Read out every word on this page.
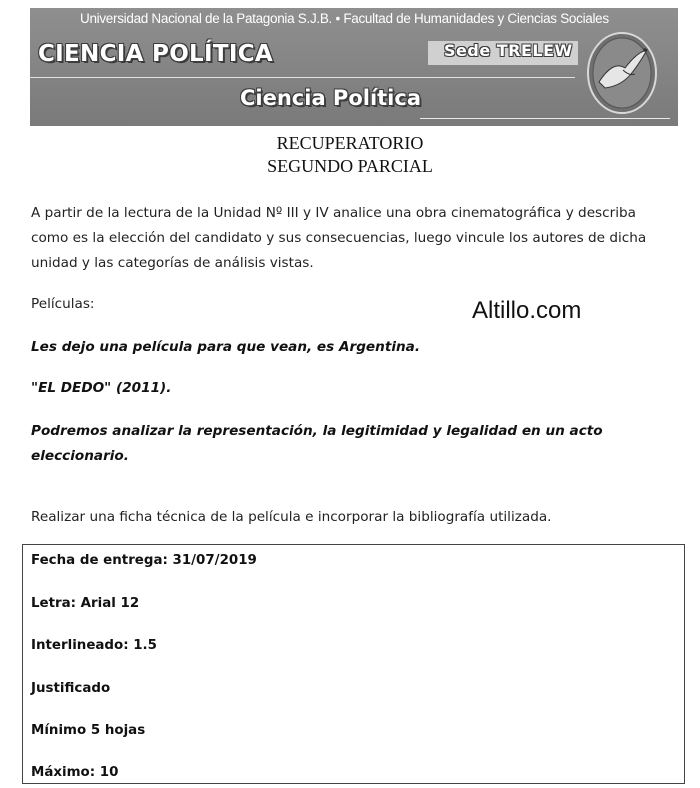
Universidad Nacional de la Patagonia S.J.B. • Facultad de Humanidades y Ciencias Sociales
CIENCIA POLÍTICA	Sede TRELEW
Ciencia Política
RECUPERATORIO
SEGUNDO PARCIAL
A partir de la lectura de la Unidad Nº III y IV analice una obra cinematográfica y describa como es la elección del candidato y sus consecuencias, luego vincule los autores de dicha unidad y las categorías de análisis vistas.
Películas:	Altillo.com
Les dejo una película para que vean, es Argentina.
"EL DEDO" (2011).
Podremos analizar la representación, la legitimidad y legalidad en un acto eleccionario.
Realizar una ficha técnica de la película e incorporar la bibliografía utilizada.
Fecha de entrega: 31/07/2019
Letra: Arial 12
Interlineado: 1.5
Justificado
Mínimo 5 hojas
Máximo: 10
